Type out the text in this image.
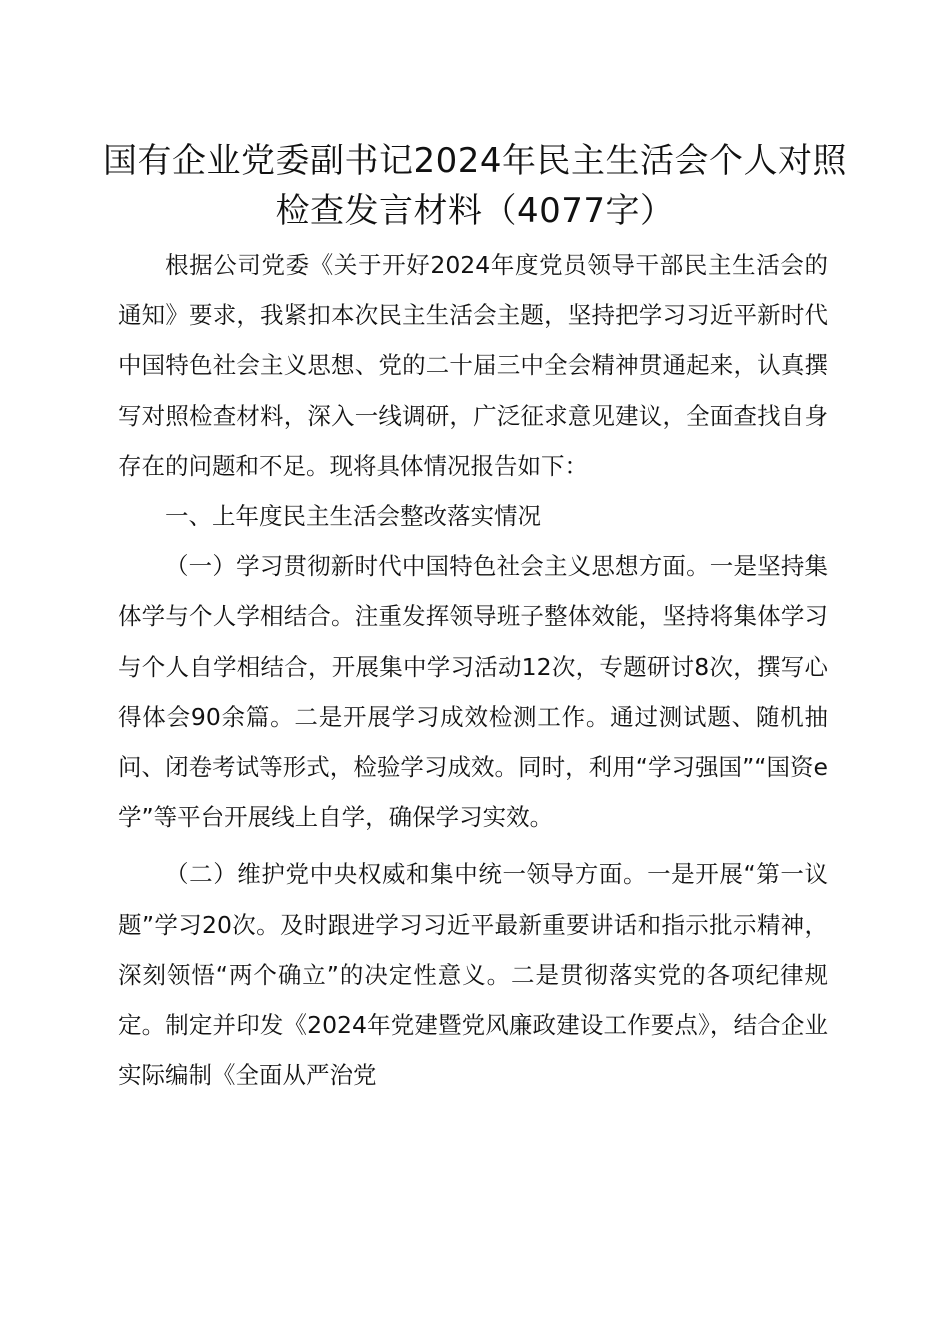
国有企业党委副书记2024年民主生活会个人对照检查发言材料（4077字）

根据公司党委《关于开好2024年度党员领导干部民主生活会的通知》要求，我紧扣本次民主生活会主题，坚持把学习习近平新时代中国特色社会主义思想、党的二十届三中全会精神贯通起来，认真撰写对照检查材料，深入一线调研，广泛征求意见建议，全面查找自身存在的问题和不足。现将具体情况报告如下：

一、上年度民主生活会整改落实情况

（一）学习贯彻新时代中国特色社会主义思想方面。一是坚持集体学与个人学相结合。注重发挥领导班子整体效能，坚持将集体学习与个人自学相结合，开展集中学习活动12次，专题研讨8次，撰写心得体会90余篇。二是开展学习成效检测工作。通过测试题、随机抽问、闭卷考试等形式，检验学习成效。同时，利用“学习强国”“国资e学”等平台开展线上自学，确保学习实效。

（二）维护党中央权威和集中统一领导方面。一是开展“第一议题”学习20次。及时跟进学习习近平最新重要讲话和指示批示精神，深刻领悟“两个确立”的决定性意义。二是贯彻落实党的各项纪律规定。制定并印发《2024年党建暨党风廉政建设工作要点》，结合企业实际编制《全面从严治党
